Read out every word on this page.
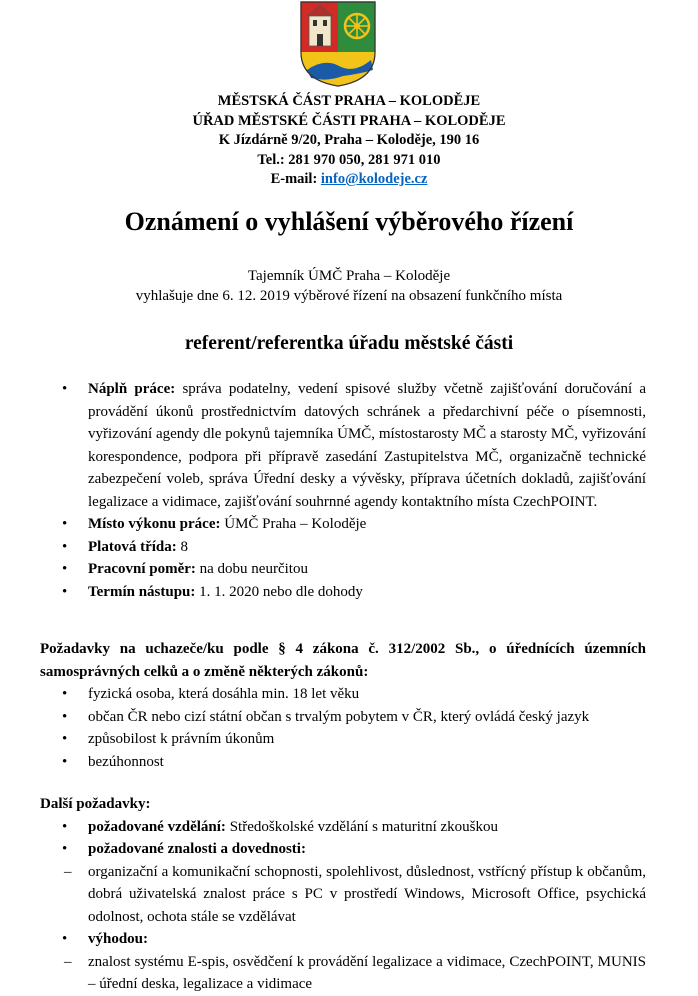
MĚSTSKÁ ČÁST PRAHA – KOLODĚJE
ÚŘAD MĚSTSKÉ ČÁSTI PRAHA – KOLODĚJE
K Jízdárně 9/20, Praha – Koloděje, 190 16
Tel.: 281 970 050, 281 971 010
E-mail: info@kolodeje.cz
Oznámení o vyhlášení výběrového řízení
Tajemník ÚMČ Praha – Koloděje
vyhlašuje dne 6. 12. 2019 výběrové řízení na obsazení funkčního místa
referent/referentka úřadu městské části
• Náplň práce: správa podatelny, vedení spisové služby včetně zajišťování doručování a provádění úkonů prostřednictvím datových schránek a předarchivní péče o písemnosti, vyřizování agendy dle pokynů tajemníka ÚMČ, místostarosty MČ a starosty MČ, vyřizování korespondence, podpora při přípravě zasedání Zastupitelstva MČ, organizačně technické zabezpečení voleb, správa Úřední desky a vývěsky, příprava účetních dokladů, zajišťování legalizace a vidimace, zajišťování souhrnné agendy kontaktního místa CzechPOINT.
• Místo výkonu práce: ÚMČ Praha – Koloděje
• Platová třída: 8
• Pracovní poměr: na dobu neurčitou
• Termín nástupu: 1. 1. 2020 nebo dle dohody
Požadavky na uchazeče/ku podle § 4 zákona č. 312/2002 Sb., o úřednících územních samosprávných celků a o změně některých zákonů:
• fyzická osoba, která dosáhla min. 18 let věku
• občan ČR nebo cizí státní občan s trvalým pobytem v ČR, který ovládá český jazyk
• způsobilost k právním úkonům
• bezúhonnost
Další požadavky:
• požadované vzdělání: Středoškolské vzdělání s maturitní zkouškou
• požadované znalosti a dovednosti:
– organizační a komunikační schopnosti, spolehlivost, důslednost, vstřícný přístup k občanům, dobrá uživatelská znalost práce s PC v prostředí Windows, Microsoft Office, psychická odolnost, ochota stále se vzdělávat
• výhodou:
– znalost systému E-spis, osvědčení k provádění legalizace a vidimace, CzechPOINT, MUNIS – úřední deska, legalizace a vidimace
